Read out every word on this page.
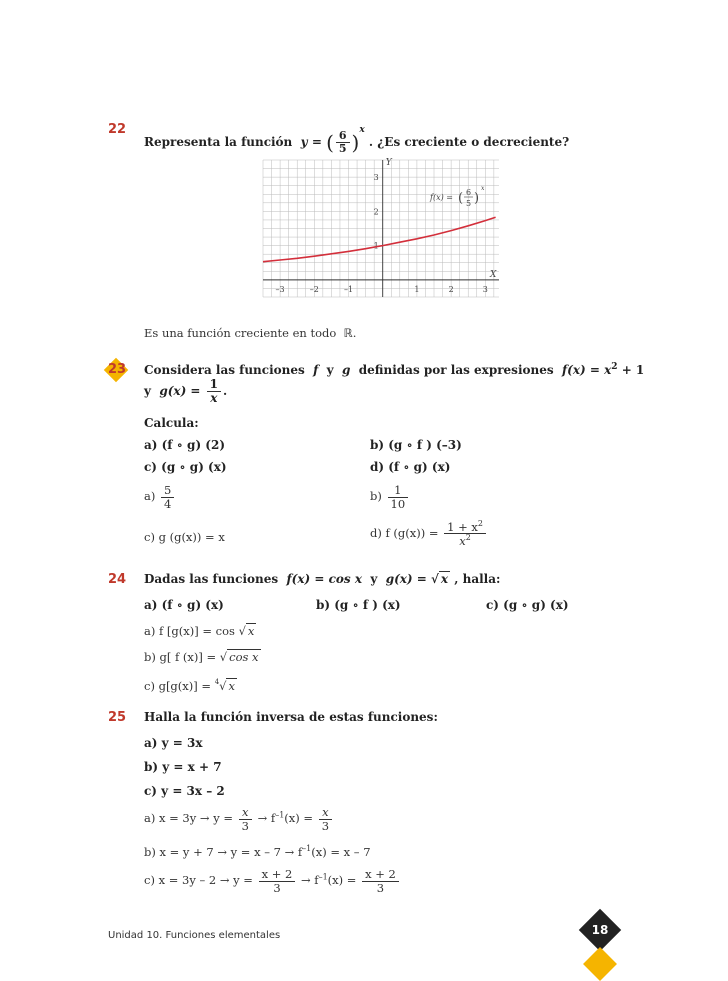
22
Representa la función y = ( $\frac{6}{5} )^x$ . ¿Es creciente o decreciente?
–3	–2	–1	1	2	3
1
2
3
Y
X
f(x) = ( 6
5 )
x
Es una función creciente en todo ℝ.
23 Considera las funciones f y g definidas por las expresiones $f(x) = x^2 + 1$
y $g(x) = \frac{1}{x}$ .
Calcula:
a) (f ∘ g) (2)	b) (g ∘ f ) (–3)
c) (g ∘ g) (x)	d) (f ∘ g) (x)
$a) \frac{5}{4}$	$b) \frac{1}{10}$
c) g (g(x)) = x	d) f $(g(x)) = \frac{1 + x^2}{x^2}$
24 Dadas las funciones f(x) = cos x y g(x) = √ x , halla:
a) (f ∘ g) (x)	b) (g ∘ f ) (x)	c) (g ∘ g) (x)
a) f [g(x)] = cos √ x
b) g[ f (x)] = √ cos x
c) g[g(x)] = $^4$√ x
25 Halla la función inversa de estas funciones:
a) y = 3x
b) y = x + 7
c) y = 3x – 2
a) $x = 3y \to y = \frac{x}{3} \to f^{-1}(x) = \frac{x}{3}$
b) $x = y + 7 \to y = x - 7 \to f^{-1}(x) = x - 7$
c) $x = 3y - 2 \to y = \frac{x + 2}{3} \to f^{-1}(x) = \frac{x + 2}{3}$
Unidad 10. Funciones elementales	18
